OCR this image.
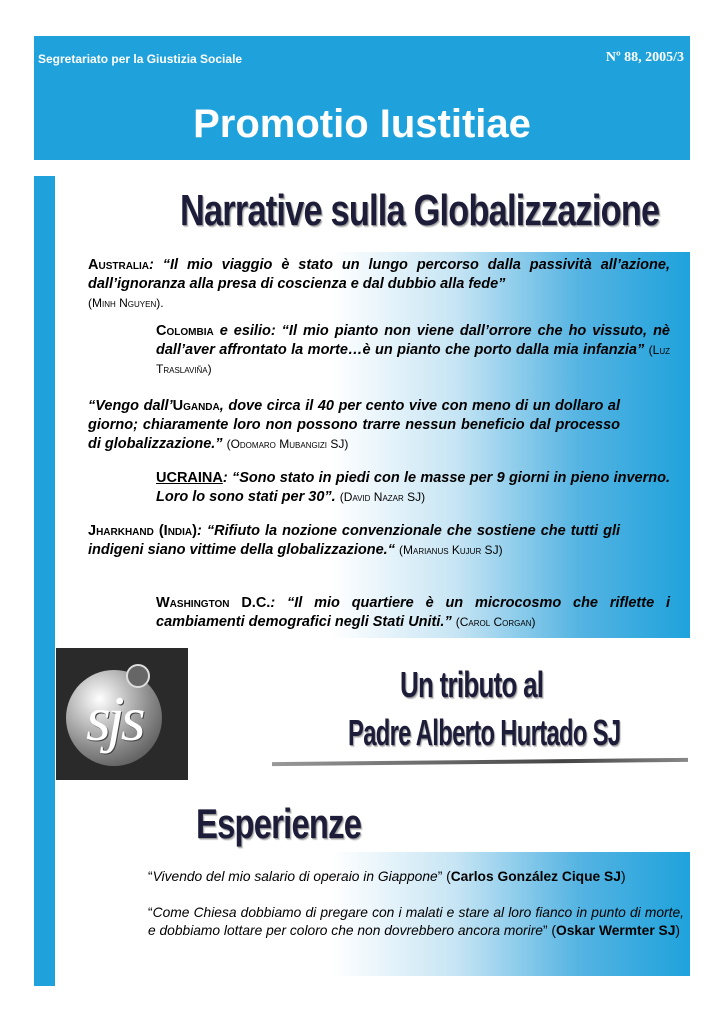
Segretariato per la Giustizia Sociale	Nº 88, 2005/3
Promotio Iustitiae
Narrative sulla Globalizzazione
Australia: “Il mio viaggio è stato un lungo percorso dalla passività all’azione, dall’ignoranza alla presa di coscienza e dal dubbio alla fede”
(Minh Nguyen).
Colombia e esilio: “Il mio pianto non viene dall’orrore che ho vissuto, nè dall’aver affrontato la morte…è un pianto che porto dalla mia infanzia” (Luz Traslaviña)
“Vengo dall’Uganda, dove circa il 40 per cento vive con meno di un dollaro al giorno; chiaramente loro non possono trarre nessun beneficio dal processo di globalizzazione.” (Odomaro Mubangizi SJ)
UCRAINA: “Sono stato in piedi con le masse per 9 giorni in pieno inverno. Loro lo sono stati per 30”. (David Nazar SJ)
Jharkhand (India): “Rifiuto la nozione convenzionale che sostiene che tutti gli indigeni siano vittime della globalizzazione.“ (Marianus Kujur SJ)
Washington D.C.: “Il mio quartiere è un microcosmo che riflette i cambiamenti demografici negli Stati Uniti.” (Carol Corgan)
sjs	Un tributo al
Padre Alberto Hurtado SJ
Esperienze
“Vivendo del mio salario di operaio in Giappone” (Carlos González Cique SJ)
“Come Chiesa dobbiamo di pregare con i malati e stare al loro fianco in punto di morte, e dobbiamo lottare per coloro che non dovrebbero ancora morire” (Oskar Wermter SJ)
